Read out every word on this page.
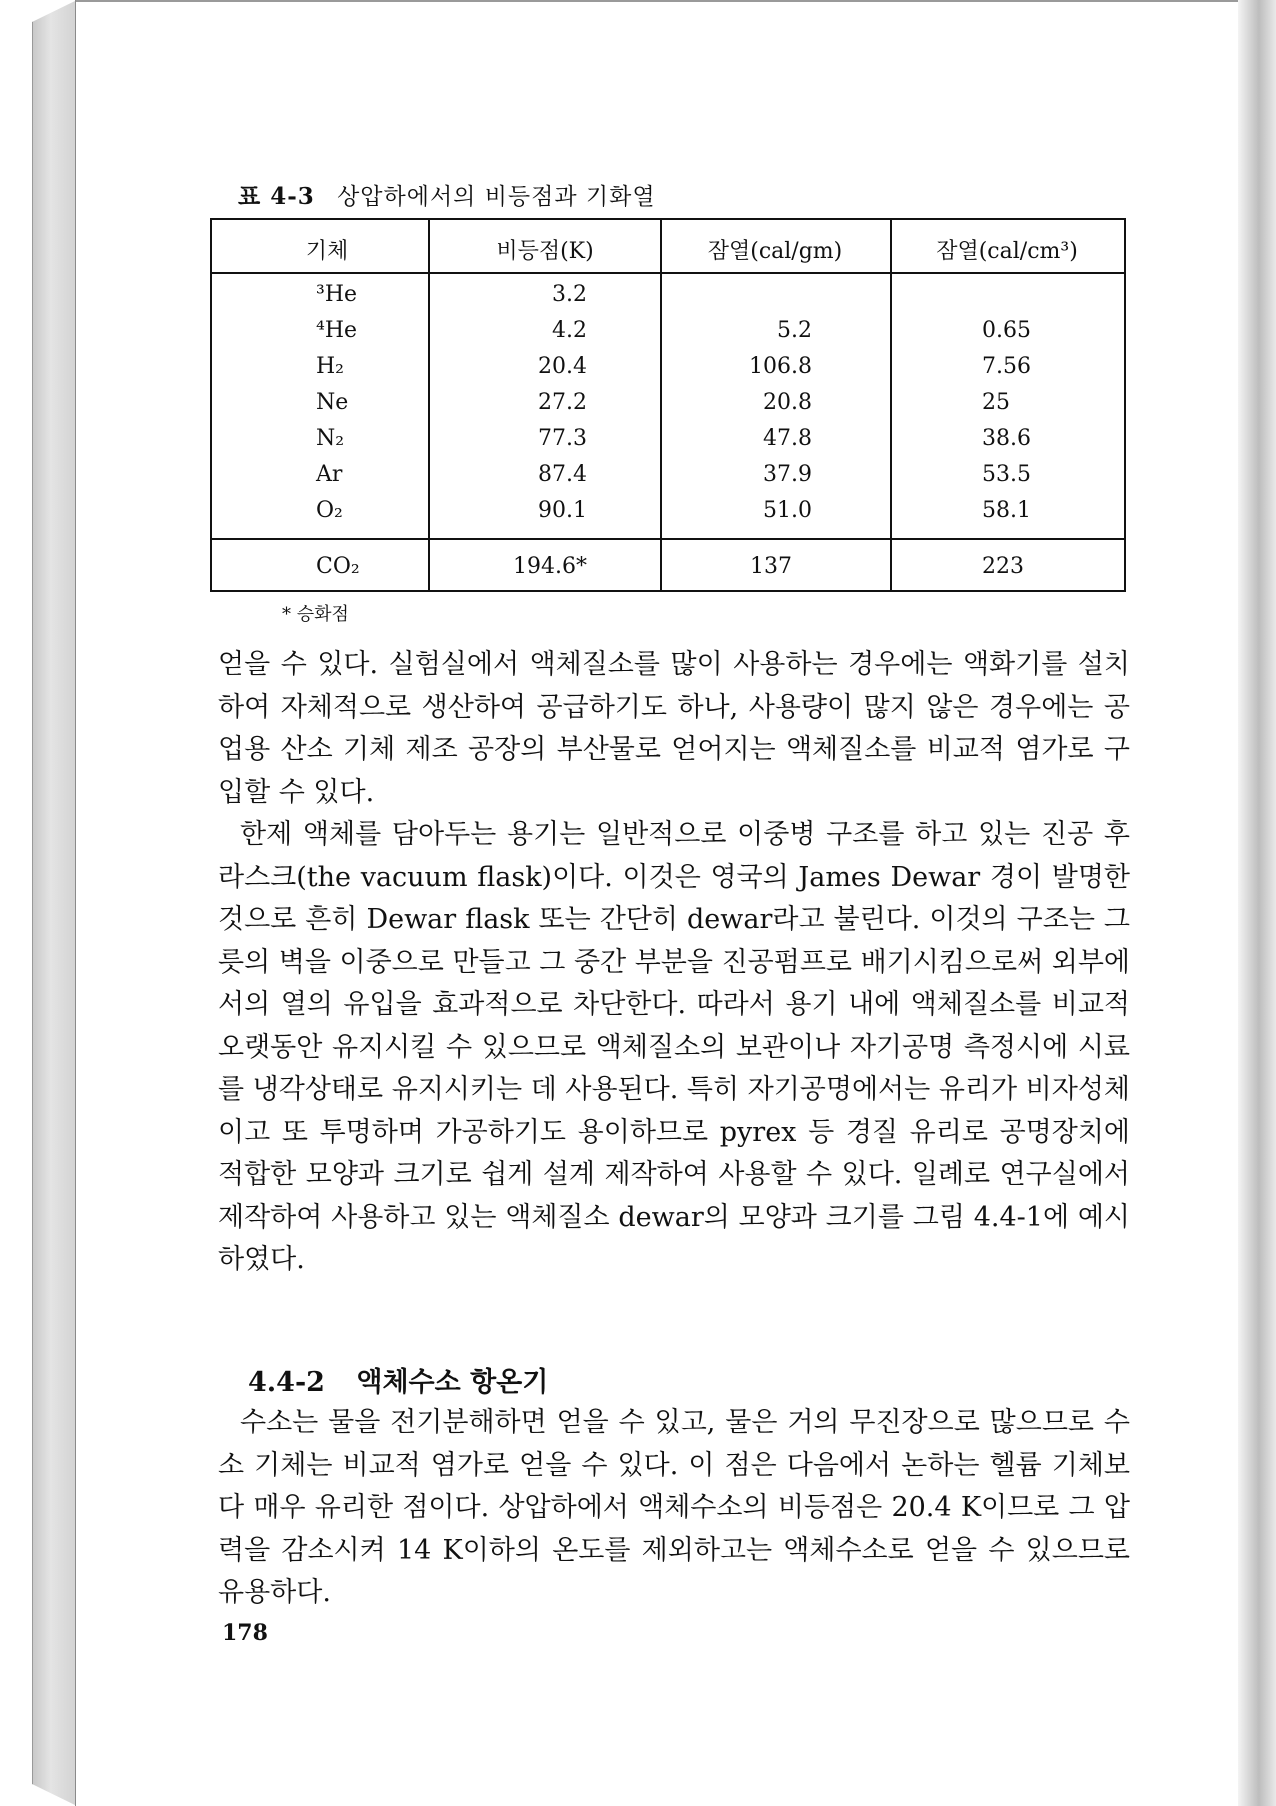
표 4-3 상압하에서의 비등점과 기화열
기체	비등점(K)	잠열(cal/gm)	잠열(cal/cm³)
³He	3.2
⁴He	4.2	5.2	0.65
H₂	20.4	106.8	7.56
Ne	27.2	20.8	25
N₂	77.3	47.8	38.6
Ar	87.4	37.9	53.5
O₂	90.1	51.0	58.1
CO₂	194.6*	137	223
* 승화점

얻을 수 있다. 실험실에서 액체질소를 많이 사용하는 경우에는 액화기를 설치하여 자체적으로 생산하여 공급하기도 하나, 사용량이 많지 않은 경우에는 공업용 산소 기체 제조 공장의 부산물로 얻어지는 액체질소를 비교적 염가로 구입할 수 있다.

한제 액체를 담아두는 용기는 일반적으로 이중병 구조를 하고 있는 진공 후라스크(the vacuum flask)이다. 이것은 영국의 James Dewar 경이 발명한 것으로 흔히 Dewar flask 또는 간단히 dewar라고 불린다. 이것의 구조는 그릇의 벽을 이중으로 만들고 그 중간 부분을 진공펌프로 배기시킴으로써 외부에서의 열의 유입을 효과적으로 차단한다. 따라서 용기 내에 액체질소를 비교적 오랫동안 유지시킬 수 있으므로 액체질소의 보관이나 자기공명 측정시에 시료를 냉각상태로 유지시키는 데 사용된다. 특히 자기공명에서는 유리가 비자성체이고 또 투명하며 가공하기도 용이하므로 pyrex 등 경질 유리로 공명장치에 적합한 모양과 크기로 쉽게 설계 제작하여 사용할 수 있다. 일례로 연구실에서 제작하여 사용하고 있는 액체질소 dewar의 모양과 크기를 그림 4.4-1에 예시하였다.

4.4-2 액체수소 항온기

수소는 물을 전기분해하면 얻을 수 있고, 물은 거의 무진장으로 많으므로 수소 기체는 비교적 염가로 얻을 수 있다. 이 점은 다음에서 논하는 헬륨 기체보다 매우 유리한 점이다. 상압하에서 액체수소의 비등점은 20.4 K이므로 그 압력을 감소시켜 14 K이하의 온도를 제외하고는 액체수소로 얻을 수 있으므로 유용하다.

178
